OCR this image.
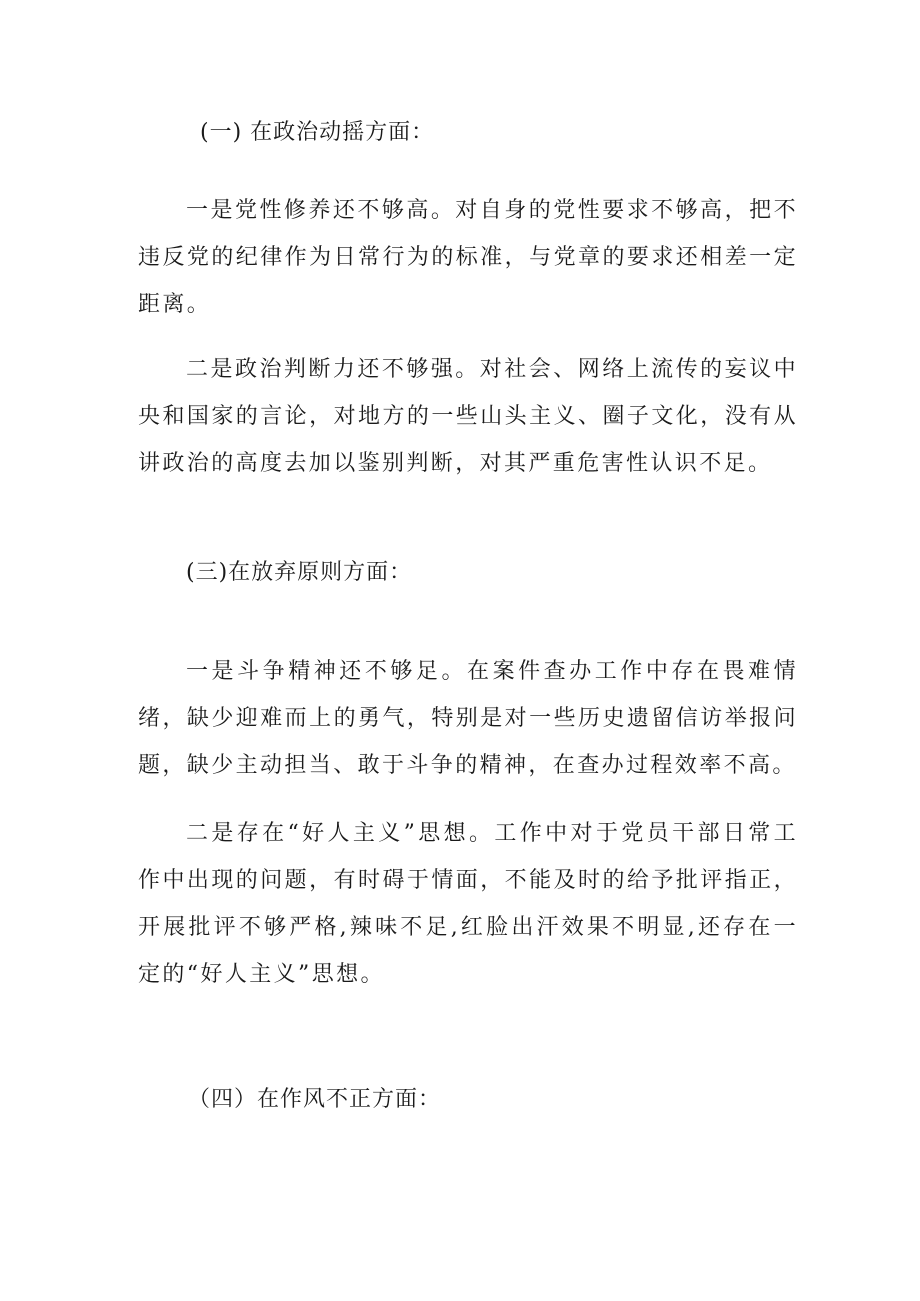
(一) 在政治动摇方面：

一是党性修养还不够高。对自身的党性要求不够高，把不违反党的纪律作为日常行为的标准，与党章的要求还相差一定距离。

二是政治判断力还不够强。对社会、网络上流传的妄议中央和国家的言论，对地方的一些山头主义、圈子文化，没有从讲政治的高度去加以鉴别判断，对其严重危害性认识不足。

(三)在放弃原则方面：

一是斗争精神还不够足。在案件查办工作中存在畏难情绪，缺少迎难而上的勇气，特别是对一些历史遗留信访举报问题，缺少主动担当、敢于斗争的精神，在查办过程效率不高。

二是存在“好人主义”思想。工作中对于党员干部日常工作中出现的问题，有时碍于情面，不能及时的给予批评指正，开展批评不够严格,辣味不足,红脸出汗效果不明显,还存在一定的“好人主义”思想。

（四）在作风不正方面：
